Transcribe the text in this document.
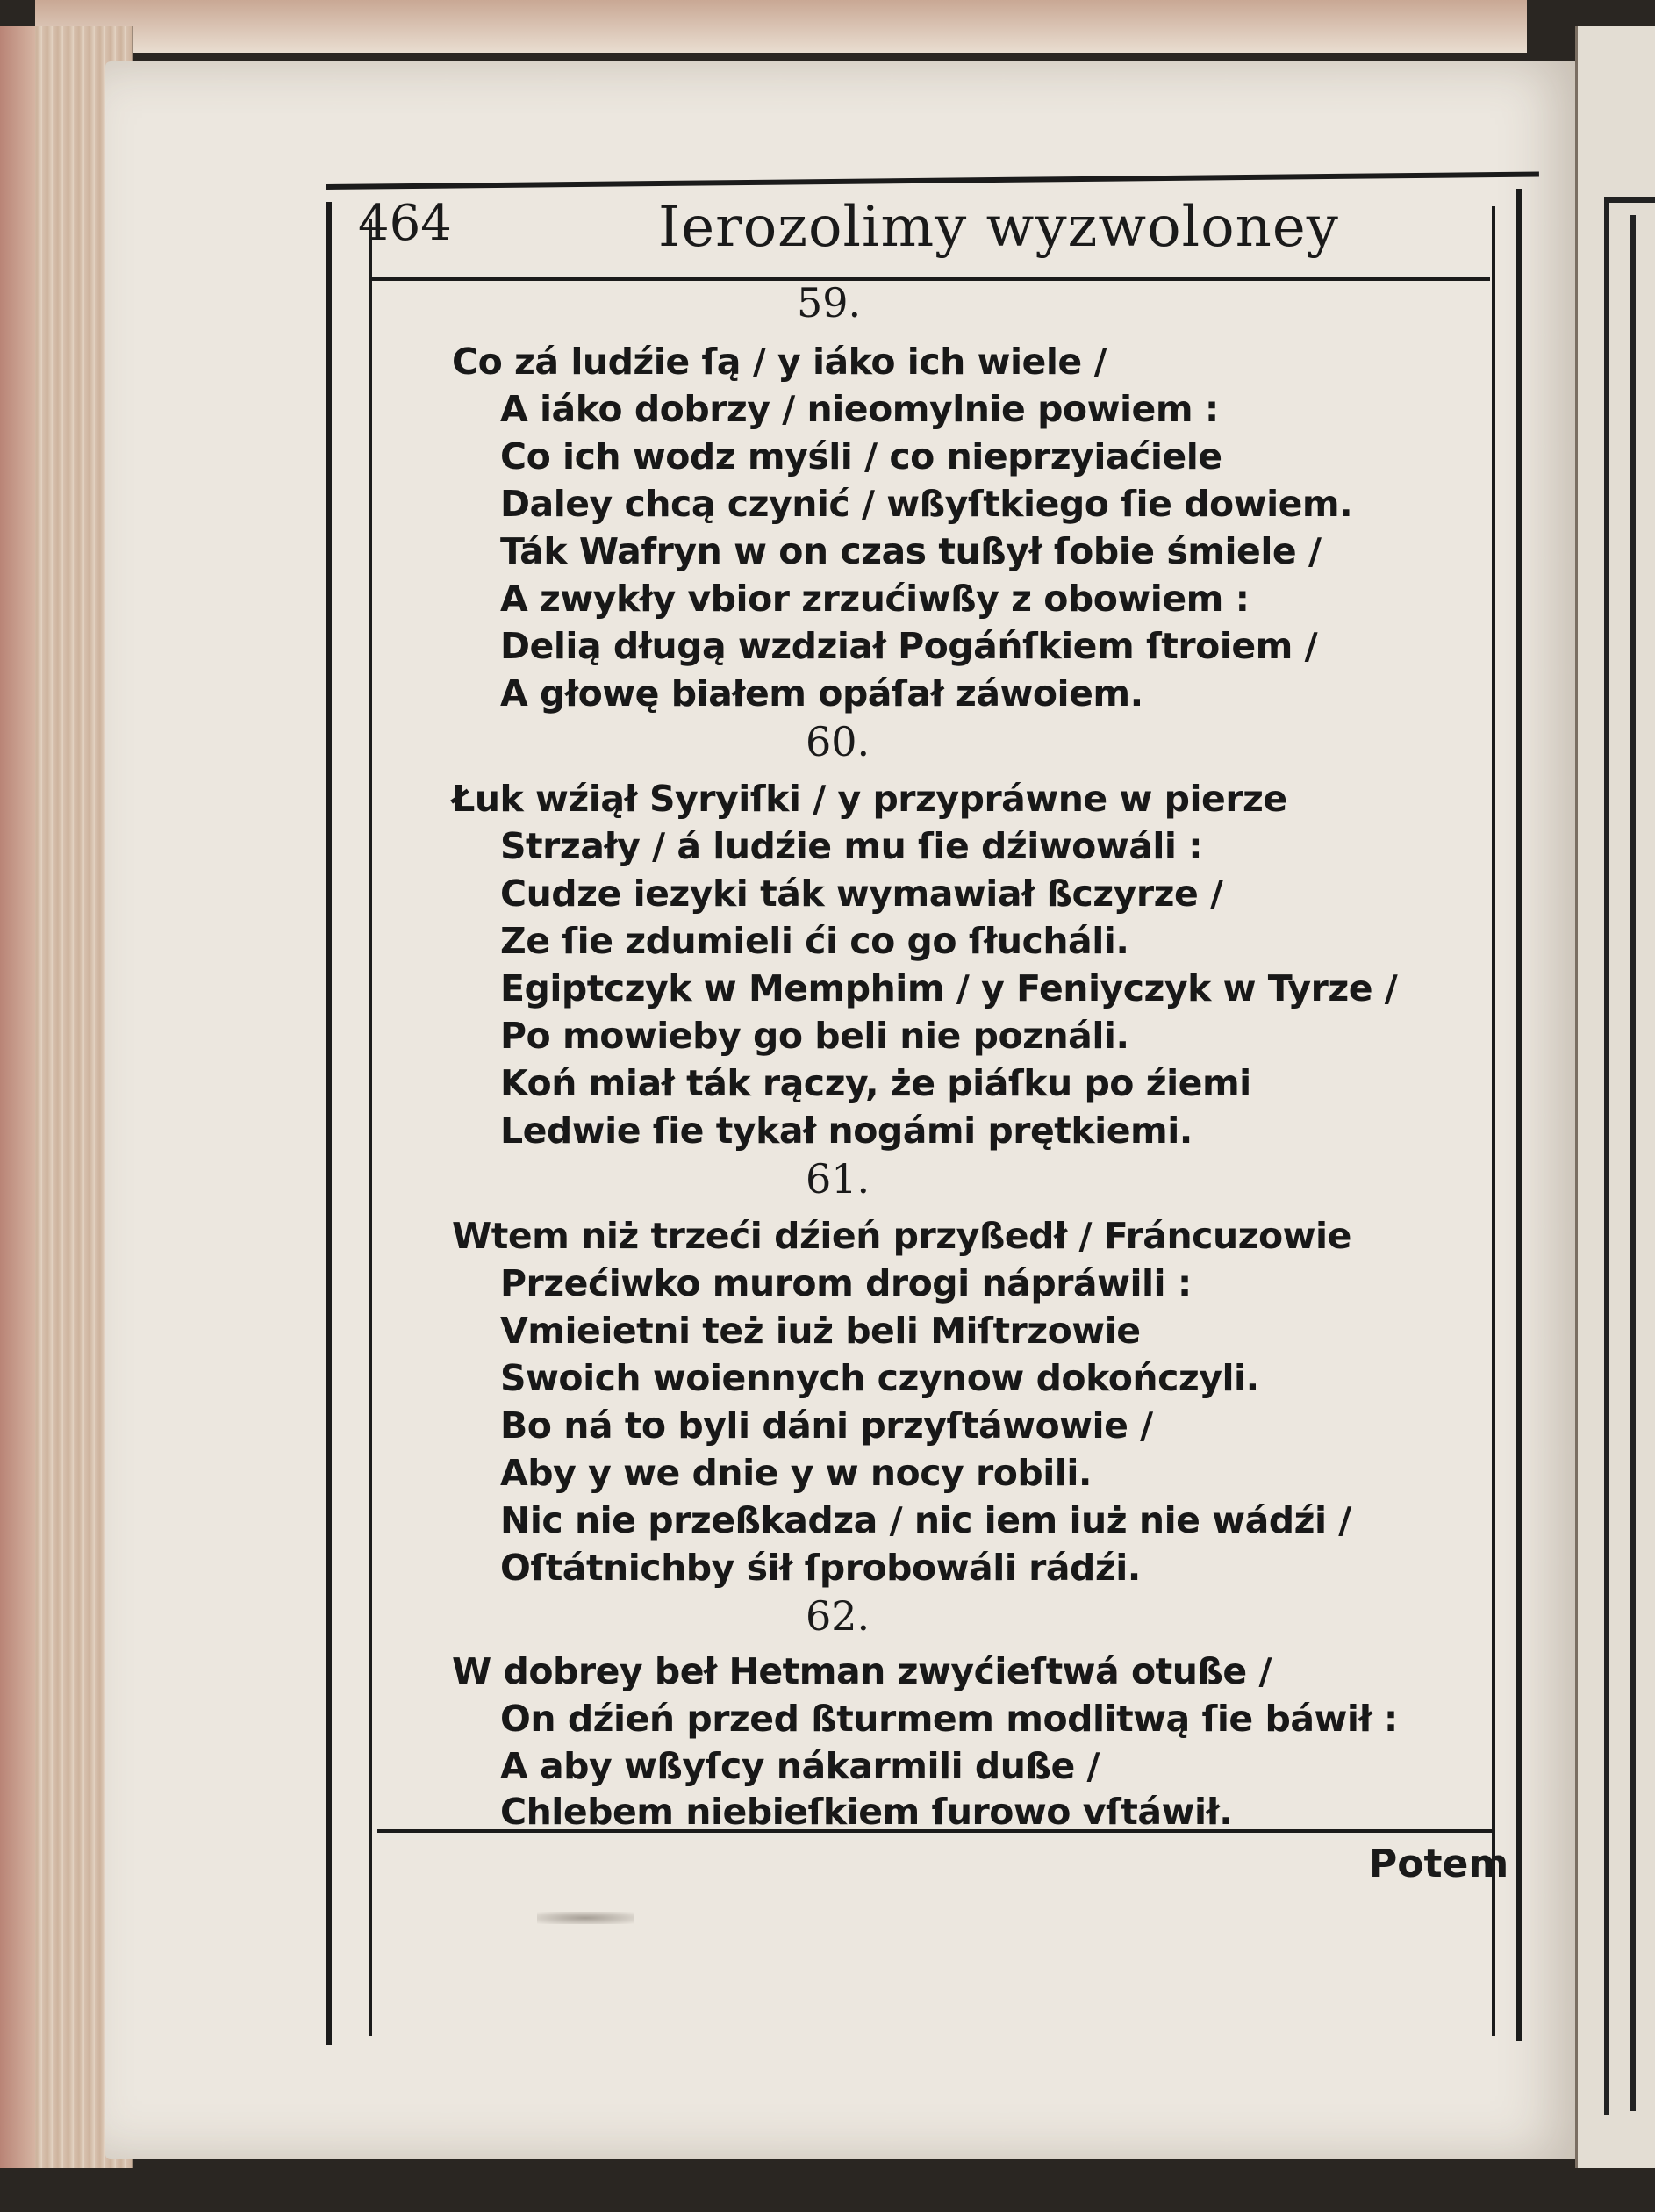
464	Ierozolimy wyzwoloney
59.
Co zá ludźie ſą / y iáko ich wiele /
A iáko dobrzy / nieomylnie powiem :
Co ich wodz myśli / co nieprzyiaćiele
Daley chcą czynić / wßyſtkiego ſie dowiem.
Ták Wafryn w on czas tußył ſobie śmiele /
A zwykły vbior zrzućiwßy z obowiem :
Delią długą wzdział Pogáńſkiem ſtroiem /
A głowę białem opáſał záwoiem.
60.
Łuk wźiął Syryiſki / y przypráwne w pierze
Strzały / á ludźie mu ſie dźiwowáli :
Cudze iezyki ták wymawiał ßczyrze /
Ze ſie zdumieli ći co go ſłucháli.
Egiptczyk w Memphim / y Feniyczyk w Tyrze /
Po mowieby go beli nie poználi.
Koń miał ták rączy, że piáſku po źiemi
Ledwie ſie tykał nogámi prętkiemi.
61.
Wtem niż trzeći dźień przyßedł / Fráncuzowie
Przećiwko murom drogi nápráwili :
Vmieietni też iuż beli Miſtrzowie
Swoich woiennych czynow dokończyli.
Bo ná to byli dáni przyſtáwowie /
Aby y we dnie y w nocy robili.
Nic nie przeßkadza / nic iem iuż nie wádźi /
Oſtátnichby śił ſprobowáli rádźi.
62.
W dobrey beł Hetman zwyćieſtwá otuße /
On dźień przed ßturmem modlitwą ſie báwił :
A aby wßyſcy nákarmili duße /
Chlebem niebieſkiem ſurowo vſtáwił.
Potem
